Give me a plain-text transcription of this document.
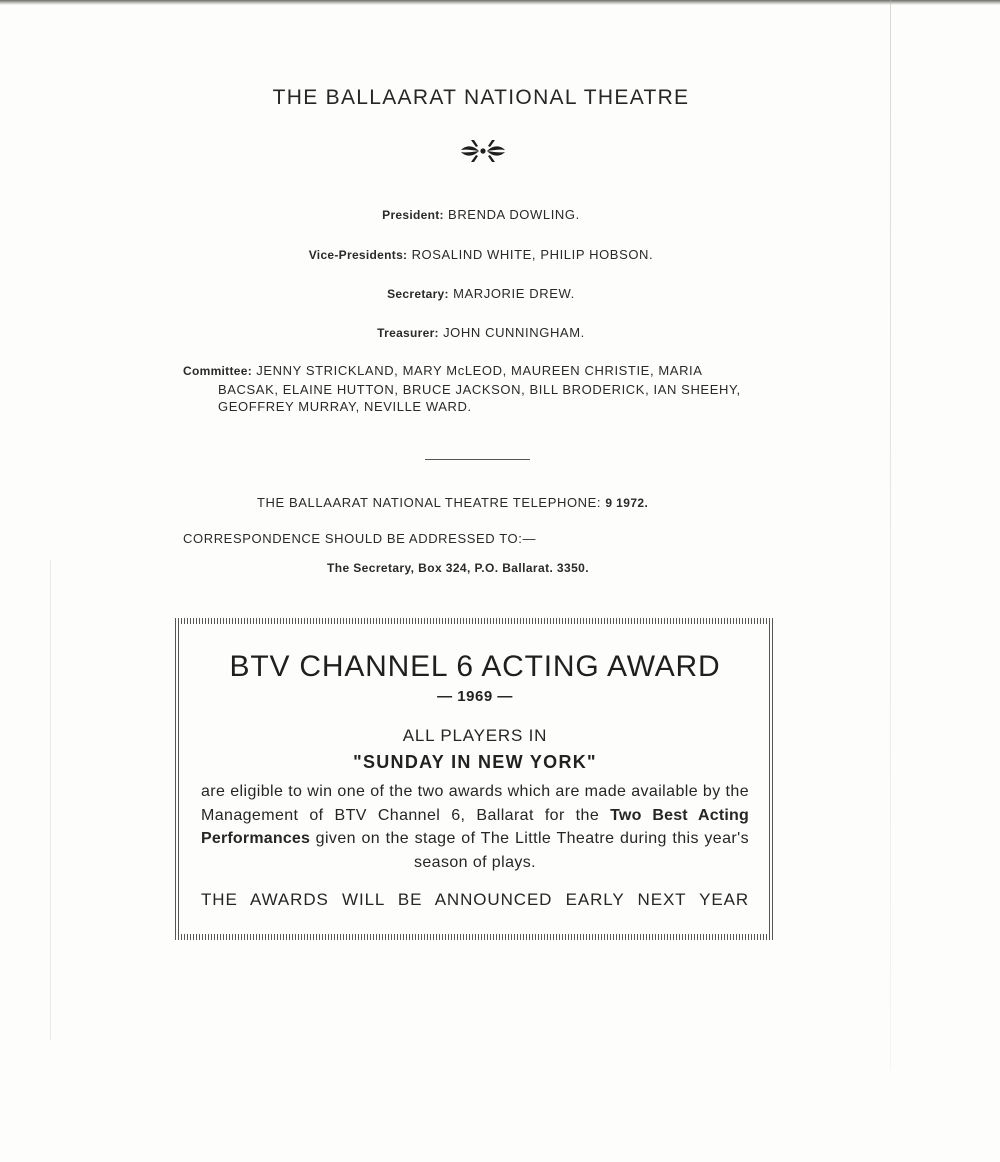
THE BALLAARAT NATIONAL THEATRE
President: BRENDA DOWLING.
Vice-Presidents: ROSALIND WHITE, PHILIP HOBSON.
Secretary: MARJORIE DREW.
Treasurer: JOHN CUNNINGHAM.
Committee: JENNY STRICKLAND, MARY McLEOD, MAUREEN CHRISTIE, MARIA
BACSAK, ELAINE HUTTON, BRUCE JACKSON, BILL BRODERICK, IAN SHEEHY,
GEOFFREY MURRAY, NEVILLE WARD.
THE BALLAARAT NATIONAL THEATRE TELEPHONE: 9 1972.
CORRESPONDENCE SHOULD BE ADDRESSED TO:—
The Secretary, Box 324, P.O. Ballarat. 3350.
BTV CHANNEL 6 ACTING AWARD
— 1969 —
ALL PLAYERS IN
"SUNDAY IN NEW YORK"
are eligible to win one of the two awards which are made available by the Management of BTV Channel 6, Ballarat for the Two Best Acting Performances given on the stage of The Little Theatre during this year's season of plays.
THE AWARDS WILL BE ANNOUNCED EARLY NEXT YEAR
